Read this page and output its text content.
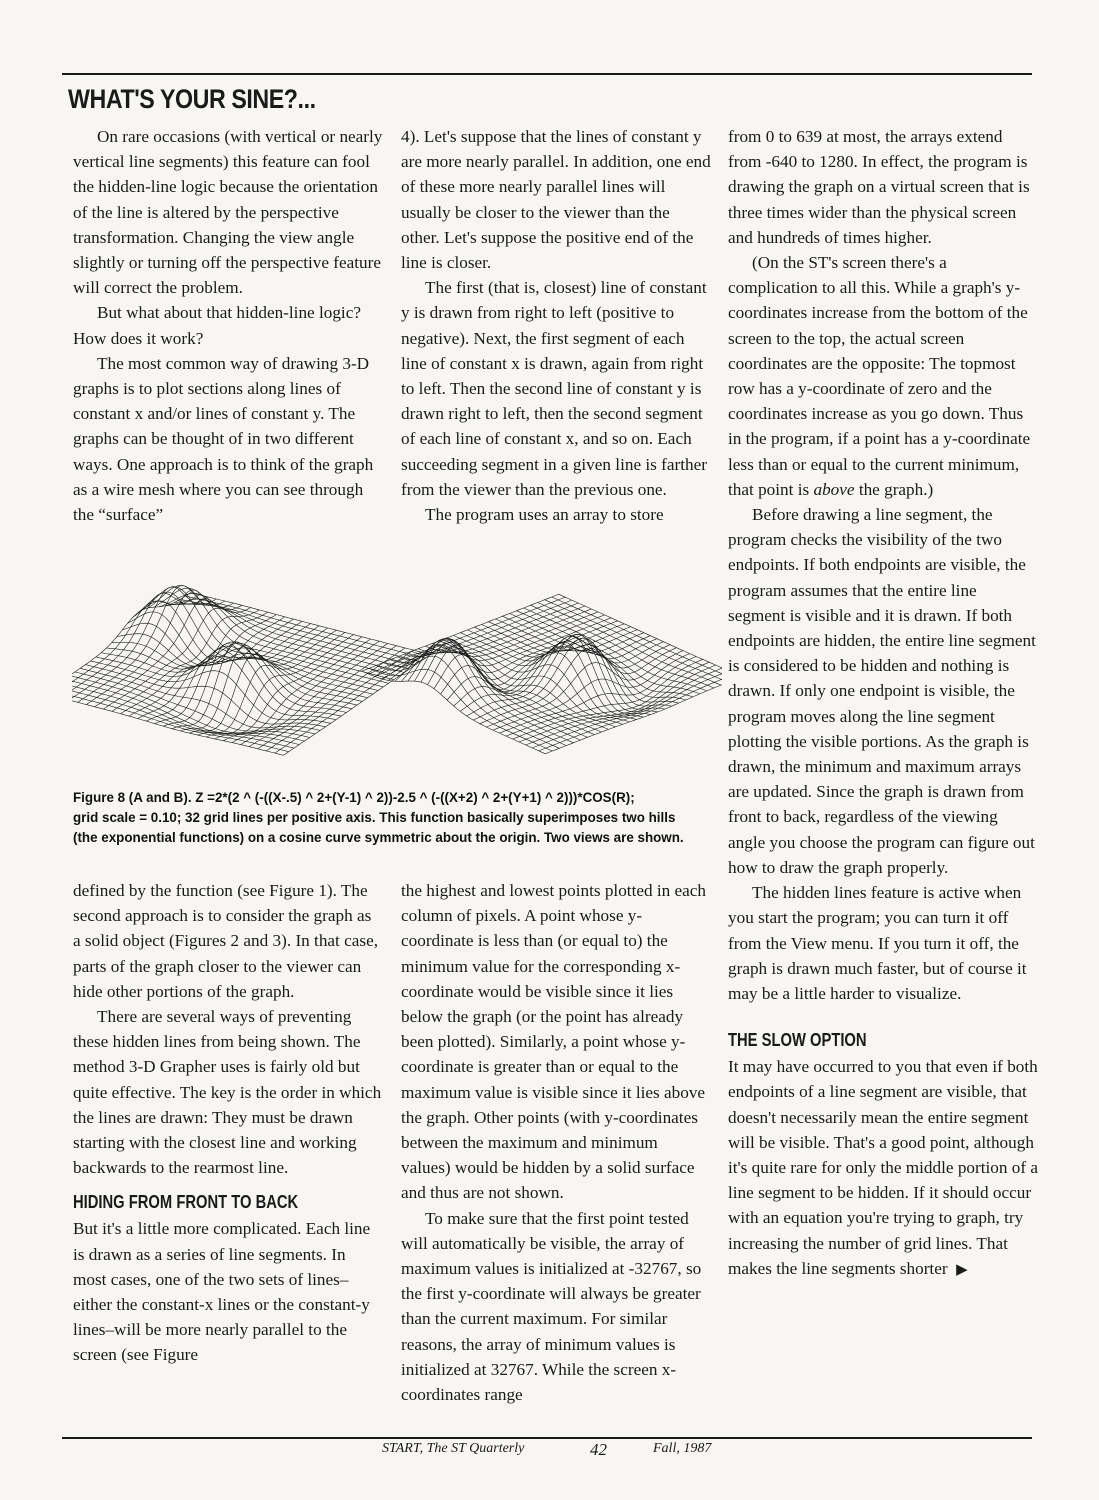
WHAT'S YOUR SINE?...

On rare occasions (with vertical or nearly vertical line segments) this feature can fool the hidden-line logic because the orientation of the line is altered by the perspective transformation. Changing the view angle slightly or turning off the perspective feature will correct the problem.

But what about that hidden-line logic? How does it work?

The most common way of drawing 3-D graphs is to plot sections along lines of constant x and/or lines of constant y. The graphs can be thought of in two different ways. One approach is to think of the graph as a wire mesh where you can see through the “surface”

4). Let's suppose that the lines of constant y are more nearly parallel. In addition, one end of these more nearly parallel lines will usually be closer to the viewer than the other. Let's suppose the positive end of the line is closer.

The first (that is, closest) line of constant y is drawn from right to left (positive to negative). Next, the first segment of each line of constant x is drawn, again from right to left. Then the second line of constant y is drawn right to left, then the second segment of each line of constant x, and so on. Each succeeding segment in a given line is farther from the viewer than the previous one.

The program uses an array to store

Figure 8 (A and B). Z =2*(2 ^ (-((X-.5) ^ 2+(Y-1) ^ 2))-2.5 ^ (-((X+2) ^ 2+(Y+1) ^ 2)))*COS(R);

grid scale = 0.10; 32 grid lines per positive axis. This function basically superimposes two hills

(the exponential functions) on a cosine curve symmetric about the origin. Two views are shown.

defined by the function (see Figure 1). The second approach is to consider the graph as a solid object (Figures 2 and 3). In that case, parts of the graph closer to the viewer can hide other portions of the graph.

There are several ways of preventing these hidden lines from being shown. The method 3-D Grapher uses is fairly old but quite effective. The key is the order in which the lines are drawn: They must be drawn starting with the closest line and working backwards to the rearmost line.

HIDING FROM FRONT TO BACK

But it's a little more complicated. Each line is drawn as a series of line segments. In most cases, one of the two sets of lines–either the constant-x lines or the constant-y lines–will be more nearly parallel to the screen (see Figure

the highest and lowest points plotted in each column of pixels. A point whose y-coordinate is less than (or equal to) the minimum value for the corresponding x-coordinate would be visible since it lies below the graph (or the point has already been plotted). Similarly, a point whose y-coordinate is greater than or equal to the maximum value is visible since it lies above the graph. Other points (with y-coordinates between the maximum and minimum values) would be hidden by a solid surface and thus are not shown.

To make sure that the first point tested will automatically be visible, the array of maximum values is initialized at -32767, so the first y-coordinate will always be greater than the current maximum. For similar reasons, the array of minimum values is initialized at 32767. While the screen x-coordinates range

from 0 to 639 at most, the arrays extend from -640 to 1280. In effect, the program is drawing the graph on a virtual screen that is three times wider than the physical screen and hundreds of times higher.

(On the ST's screen there's a complication to all this. While a graph's y-coordinates increase from the bottom of the screen to the top, the actual screen coordinates are the opposite: The topmost row has a y-coordinate of zero and the coordinates increase as you go down. Thus in the program, if a point has a y-coordinate less than or equal to the current minimum, that point is above the graph.)

Before drawing a line segment, the program checks the visibility of the two endpoints. If both endpoints are visible, the program assumes that the entire line segment is visible and it is drawn. If both endpoints are hidden, the entire line segment is considered to be hidden and nothing is drawn. If only one endpoint is visible, the program moves along the line segment plotting the visible portions. As the graph is drawn, the minimum and maximum arrays are updated. Since the graph is drawn from front to back, regardless of the viewing angle you choose the program can figure out how to draw the graph properly.

The hidden lines feature is active when you start the program; you can turn it off from the View menu. If you turn it off, the graph is drawn much faster, but of course it may be a little harder to visualize.

THE SLOW OPTION

It may have occurred to you that even if both endpoints of a line segment are visible, that doesn't necessarily mean the entire segment will be visible. That's a good point, although it's quite rare for only the middle portion of a line segment to be hidden. If it should occur with an equation you're trying to graph, try increasing the number of grid lines. That makes the line segments shorter ▶

START, The ST Quarterly	42	Fall, 1987
